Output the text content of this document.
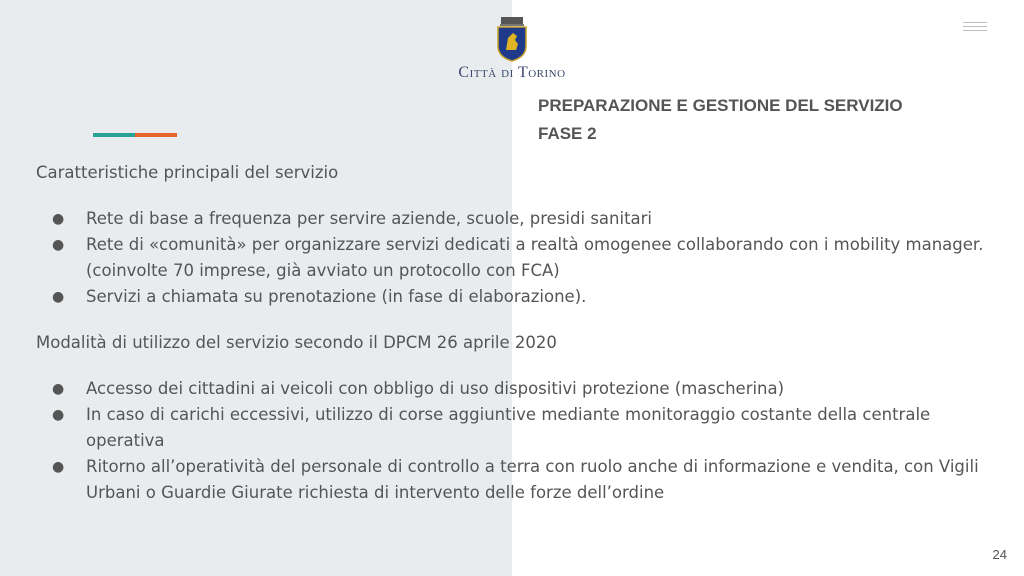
Città di Torino
PREPARAZIONE E GESTIONE DEL SERVIZIO
FASE 2

Caratteristiche principali del servizio

● Rete di base a frequenza per servire aziende, scuole, presidi sanitari
● Rete di «comunità» per organizzare servizi dedicati a realtà omogenee collaborando con i mobility manager. (coinvolte 70 imprese, già avviato un protocollo con FCA)
● Servizi a chiamata su prenotazione (in fase di elaborazione).

Modalità di utilizzo del servizio secondo il DPCM 26 aprile 2020

● Accesso dei cittadini ai veicoli con obbligo di uso dispositivi protezione (mascherina)
● In caso di carichi eccessivi, utilizzo di corse aggiuntive mediante monitoraggio costante della centrale operativa
● Ritorno all’operatività del personale di controllo a terra con ruolo anche di informazione e vendita, con Vigili Urbani o Guardie Giurate richiesta di intervento delle forze dell’ordine
24
